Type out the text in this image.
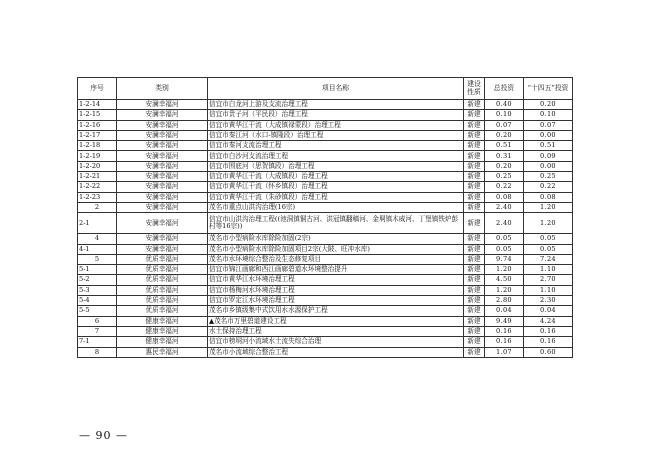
序号	类别	项目名称	建设性质	总投资	“十四五”投资
1-2-14	安澜幸福河	信宜市白龙河上游及支流治理工程	新建	0.40	0.20
1-2-15	安澜幸福河	信宜市贵子河（平民段）治理工程	新建	0.10	0.10
1-2-16	安澜幸福河	信宜市黄华江干流（大成镇禄蒙段）治理工程	新建	0.07	0.07
1-2-17	安澜幸福河	信宜市秦江河（水口-镇隆段）治理工程	新建	0.20	0.00
1-2-18	安澜幸福河	信宜市秦河支流治理工程	新建	0.51	0.51
1-2-19	安澜幸福河	信宜市白沙河支流治理工程	新建	0.31	0.09
1-2-20	安澜幸福河	信宜市围底河（思贺镇段）治理工程	新建	0.20	0.00
1-2-21	安澜幸福河	信宜市黄华江干流（大成镇段）治理工程	新建	0.25	0.25
1-2-22	安澜幸福河	信宜市黄华江干流（怀乡镇段）治理工程	新建	0.22	0.22
1-2-23	安澜幸福河	信宜市黄华江干流（朱砂镇段）治理工程	新建	0.08	0.08
2	安澜幸福河	茂名市重点山洪沟治理(16宗)	新建	2.40	1.20
2-1	安澜幸福河	信宜市山洪沟治理工程((池洞镇铜古河、洪冠镇翻稿河、金垌镇木威河、丁堡镇铁炉彭村等16宗))	新建	2.40	1.20
4	安澜幸福河	茂名市小型病险水库除险加固(2宗)	新建	0.05	0.05
4-1	安澜幸福河	茂名市小型病险水库除险加固项目2宗(大陂、旺冲水库)	新建	0.05	0.05
5	优质幸福河	茂名市水环境综合整治及生态修复项目	新建	9.74	7.24
5-1	优质幸福河	信宜市锦江画廊和西江画廊碧道水环境整治提升	新建	1.20	1.10
5-2	优质幸福河	信宜市黄华江水环境治理工程	新建	4.50	2.70
5-3	优质幸福河	信宜市杨梅河水环境治理工程	新建	1.20	1.10
5-4	优质幸福河	信宜市罗定江水环境治理工程	新建	2.80	2.30
5-5	优质幸福河	茂名市乡镇级集中式饮用水水源保护工程	新建	0.04	0.04
6	健康幸福河	▲茂名市万里碧道建设工程	新建	9.49	4.24
7	健康幸福河	水土保持治理工程	新建	0.16	0.16
7-1	健康幸福河	信宜市榜垌河小流域水土流失综合治理	新建	0.16	0.16
8	惠民幸福河	茂名市小流域综合整治工程	新建	1.07	0.60
— 90 —
